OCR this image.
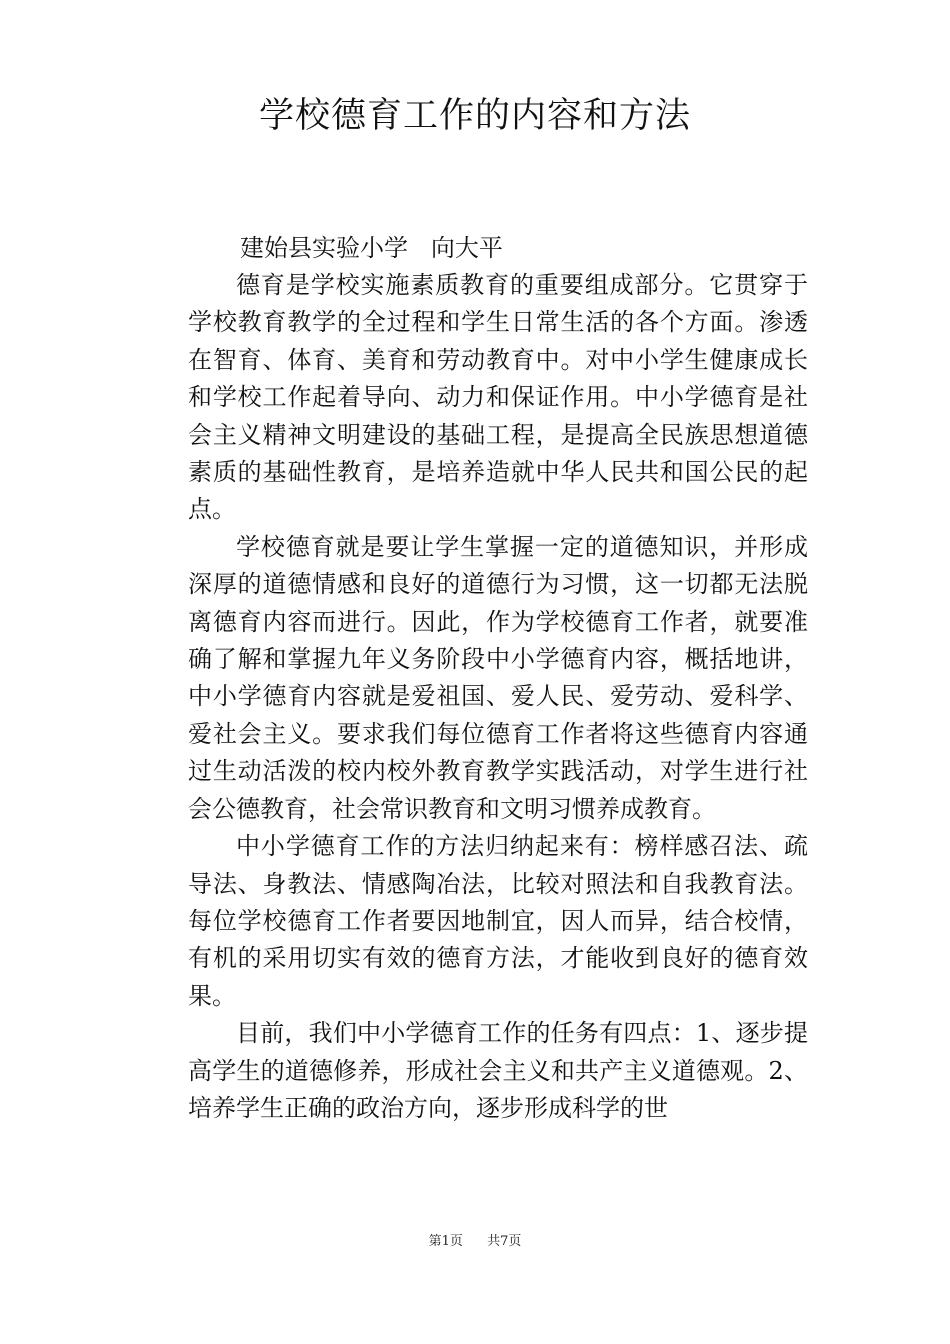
学校德育工作的内容和方法
建始县实验小学   向大平

德育是学校实施素质教育的重要组成部分。它贯穿于学校教育教学的全过程和学生日常生活的各个方面。渗透在智育、体育、美育和劳动教育中。对中小学生健康成长和学校工作起着导向、动力和保证作用。中小学德育是社会主义精神文明建设的基础工程，是提高全民族思想道德素质的基础性教育，是培养造就中华人民共和国公民的起点。

学校德育就是要让学生掌握一定的道德知识，并形成深厚的道德情感和良好的道德行为习惯，这一切都无法脱离德育内容而进行。因此，作为学校德育工作者，就要准确了解和掌握九年义务阶段中小学德育内容，概括地讲，中小学德育内容就是爱祖国、爱人民、爱劳动、爱科学、爱社会主义。要求我们每位德育工作者将这些德育内容通过生动活泼的校内校外教育教学实践活动，对学生进行社会公德教育，社会常识教育和文明习惯养成教育。

中小学德育工作的方法归纳起来有：榜样感召法、疏导法、身教法、情感陶冶法，比较对照法和自我教育法。每位学校德育工作者要因地制宜，因人而异，结合校情，有机的采用切实有效的德育方法，才能收到良好的德育效果。

目前，我们中小学德育工作的任务有四点：1、逐步提高学生的道德修养，形成社会主义和共产主义道德观。2、培养学生正确的政治方向，逐步形成科学的世

第1页 共7页
